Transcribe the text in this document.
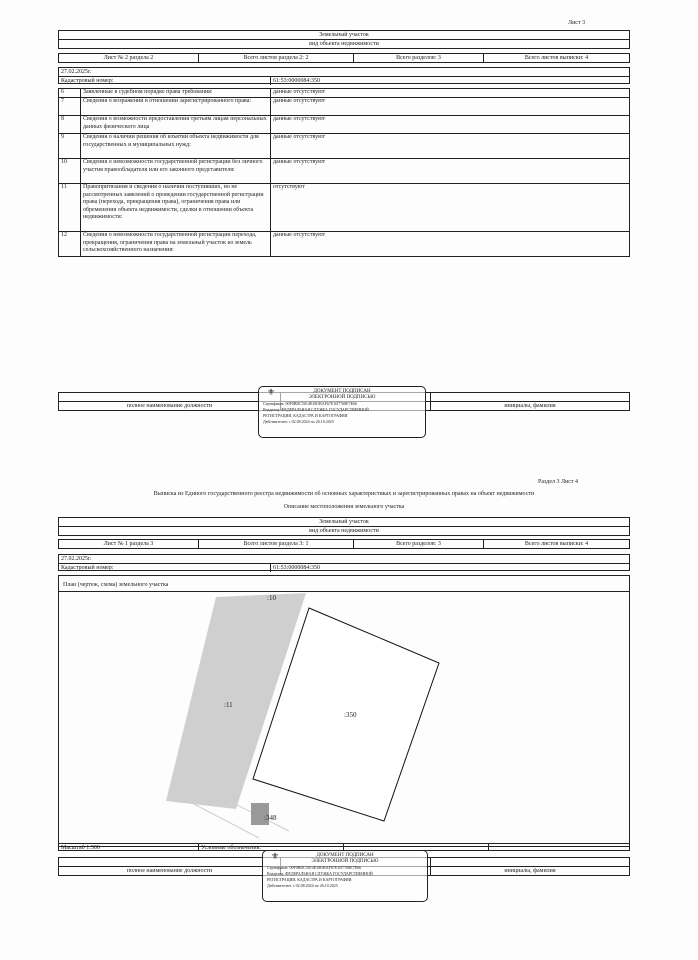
Лист 3
Земельный участок
вид объекта недвижимости
Лист № 2 раздела 2	Всего листов раздела 2: 2	Всего разделов: 3	Всего листов выписки: 4
27.02.2025г.
Кадастровый номер:	61:53:0000084:350
6	Заявленные в судебном порядке права требования:	данные отсутствуют
7	Сведения о возражении в отношении зарегистрированного права:	данные отсутствуют
8	Сведения о возможности предоставления третьим лицам персональных данных физического лица	данные отсутствуют
9	Сведения о наличии решения об изъятии объекта недвижимости для государственных и муниципальных нужд:	данные отсутствуют
10	Сведения о невозможности государственной регистрации без личного участия правообладателя или его законного представителя:	данные отсутствуют
11	Правопритязания и сведения о наличии поступивших, но не рассмотренных заявлений о проведении государственной регистрации права (перехода, прекращения права), ограничения права или обременения объекта недвижимости, сделки в отношении объекта недвижимости:	отсутствуют
12	Сведения о невозможности государственной регистрации перехода, прекращения, ограничения права на земельный участок из земель сельскохозяйственного назначения:	данные отсутствуют
полное наименование должности	инициалы, фамилия
⚜	ДОКУМЕНТ ПОДПИСАН
ЭЛЕКТРОННОЙ ПОДПИСЬЮ
Сертификат: 00F0BDC5014E3B1BAF67E1D7768E7E66
Владелец: ФЕДЕРАЛЬНАЯ СЛУЖБА ГОСУДАРСТВЕННОЙ
РЕГИСТРАЦИИ, КАДАСТРА И КАРТОГРАФИИ
Действителен: с 02.08.2024 по 26.10.2025
Раздел 3 Лист 4
Выписка из Единого государственного реестра недвижимости об основных характеристиках и зарегистрированных правах на объект недвижимости
Описание местоположения земельного участка
Земельный участок
вид объекта недвижимости
Лист № 1 раздела 3	Всего листов раздела 3: 1	Всего разделов: 3	Всего листов выписки: 4
27.02.2025г.
Кадастровый номер:	61:53:0000084:350
План (чертеж, схема) земельного участка
:10
:11
:350
:348
Масштаб 1:500	Условные обозначения:
полное наименование должности	инициалы, фамилия
⚜	ДОКУМЕНТ ПОДПИСАН
ЭЛЕКТРОННОЙ ПОДПИСЬЮ
Сертификат: 00F0BDC5014E3B1BAF67E1D7768E7E66
Владелец: ФЕДЕРАЛЬНАЯ СЛУЖБА ГОСУДАРСТВЕННОЙ
РЕГИСТРАЦИИ, КАДАСТРА И КАРТОГРАФИИ
Действителен: с 02.08.2024 по 26.10.2025
